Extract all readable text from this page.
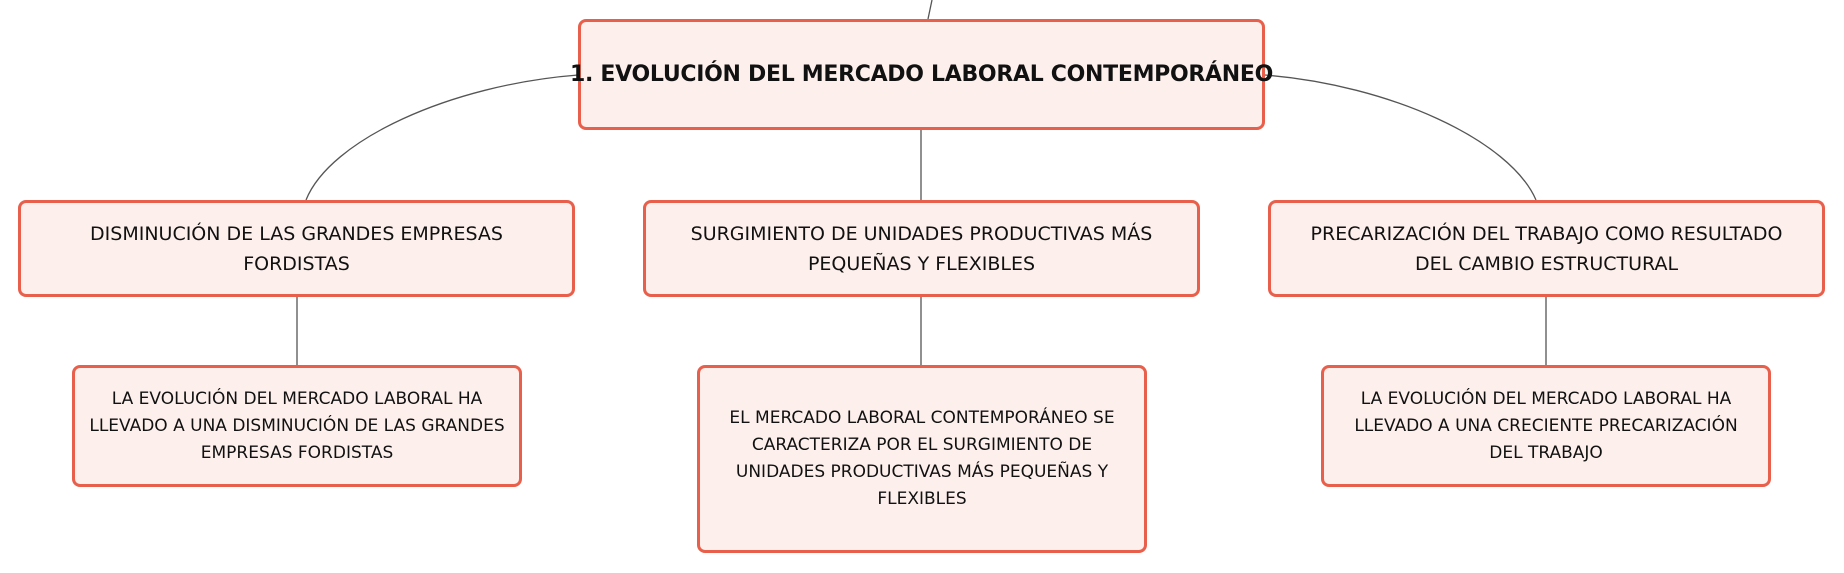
1. EVOLUCIÓN DEL MERCADO LABORAL CONTEMPORÁNEO
DISMINUCIÓN DE LAS GRANDES EMPRESAS FORDISTAS
SURGIMIENTO DE UNIDADES PRODUCTIVAS MÁS PEQUEÑAS Y FLEXIBLES
PRECARIZACIÓN DEL TRABAJO COMO RESULTADO DEL CAMBIO ESTRUCTURAL
LA EVOLUCIÓN DEL MERCADO LABORAL HA LLEVADO A UNA DISMINUCIÓN DE LAS GRANDES EMPRESAS FORDISTAS
EL MERCADO LABORAL CONTEMPORÁNEO SE CARACTERIZA POR EL SURGIMIENTO DE UNIDADES PRODUCTIVAS MÁS PEQUEÑAS Y FLEXIBLES
LA EVOLUCIÓN DEL MERCADO LABORAL HA LLEVADO A UNA CRECIENTE PRECARIZACIÓN DEL TRABAJO
